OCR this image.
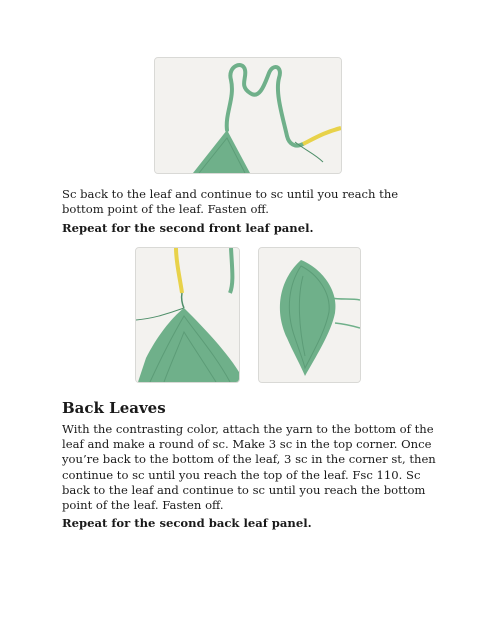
Sc back to the leaf and continue to sc until you reach the bottom point of the leaf. Fasten off.

Repeat for the second front leaf panel.

Back Leaves

With the contrasting color, attach the yarn to the bottom of the leaf and make a round of sc. Make 3 sc in the top corner. Once you’re back to the bottom of the leaf, 3 sc in the corner st, then continue to sc until you reach the top of the leaf. Fsc 110. Sc back to the leaf and continue to sc until you reach the bottom point of the leaf. Fasten off.

Repeat for the second back leaf panel.
